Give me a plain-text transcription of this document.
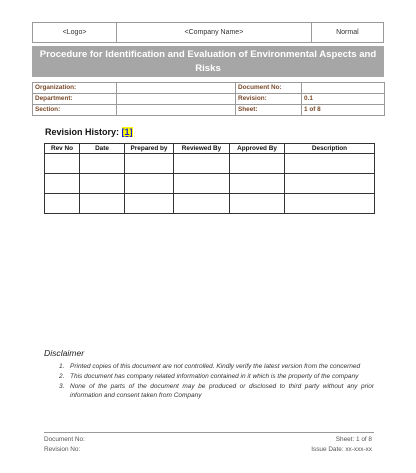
<Logo>	<Company Name>	Normal
Procedure for Identification and Evaluation of Environmental Aspects and Risks
Organization:		Document No:	
Department:		Revision:	0.1
Section:		Sheet:	1 of 8
Revision History: [1]
Rev No	Date	Prepared by	Reviewed By	Approved By	Description

Disclaimer
1. Printed copies of this document are not controlled. Kindly verify the latest version from the concerned
2. This document has company related information contained in it which is the property of the company
3. None of the parts of the document may be produced or disclosed to third party without any prior information and consent taken from Company
Document No:
Revision No:
Sheet: 1 of 8
Issue Date: xx-xxx-xx
